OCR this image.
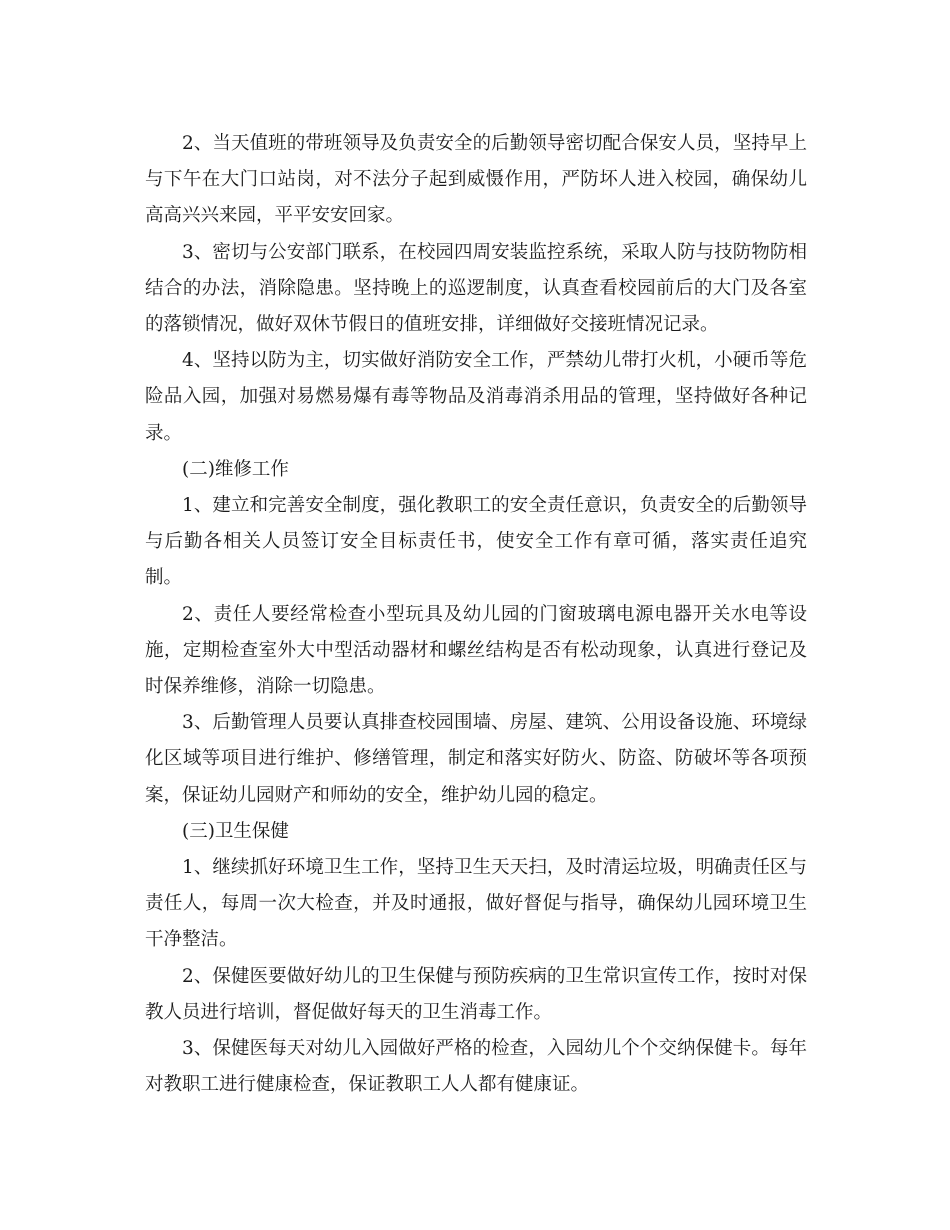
2、当天值班的带班领导及负责安全的后勤领导密切配合保安人员，坚持早上与下午在大门口站岗，对不法分子起到威慑作用，严防坏人进入校园，确保幼儿高高兴兴来园，平平安安回家。

3、密切与公安部门联系，在校园四周安装监控系统，采取人防与技防物防相结合的办法，消除隐患。坚持晚上的巡逻制度，认真查看校园前后的大门及各室的落锁情况，做好双休节假日的值班安排，详细做好交接班情况记录。

4、坚持以防为主，切实做好消防安全工作，严禁幼儿带打火机，小硬币等危险品入园，加强对易燃易爆有毒等物品及消毒消杀用品的管理，坚持做好各种记录。

(二)维修工作

1、建立和完善安全制度，强化教职工的安全责任意识，负责安全的后勤领导与后勤各相关人员签订安全目标责任书，使安全工作有章可循，落实责任追究制。

2、责任人要经常检查小型玩具及幼儿园的门窗玻璃电源电器开关水电等设施，定期检查室外大中型活动器材和螺丝结构是否有松动现象，认真进行登记及时保养维修，消除一切隐患。

3、后勤管理人员要认真排查校园围墙、房屋、建筑、公用设备设施、环境绿化区域等项目进行维护、修缮管理，制定和落实好防火、防盗、防破坏等各项预案，保证幼儿园财产和师幼的安全，维护幼儿园的稳定。

(三)卫生保健

1、继续抓好环境卫生工作，坚持卫生天天扫，及时清运垃圾，明确责任区与责任人，每周一次大检查，并及时通报，做好督促与指导，确保幼儿园环境卫生干净整洁。

2、保健医要做好幼儿的卫生保健与预防疾病的卫生常识宣传工作，按时对保教人员进行培训，督促做好每天的卫生消毒工作。

3、保健医每天对幼儿入园做好严格的检查，入园幼儿个个交纳保健卡。每年对教职工进行健康检查，保证教职工人人都有健康证。
